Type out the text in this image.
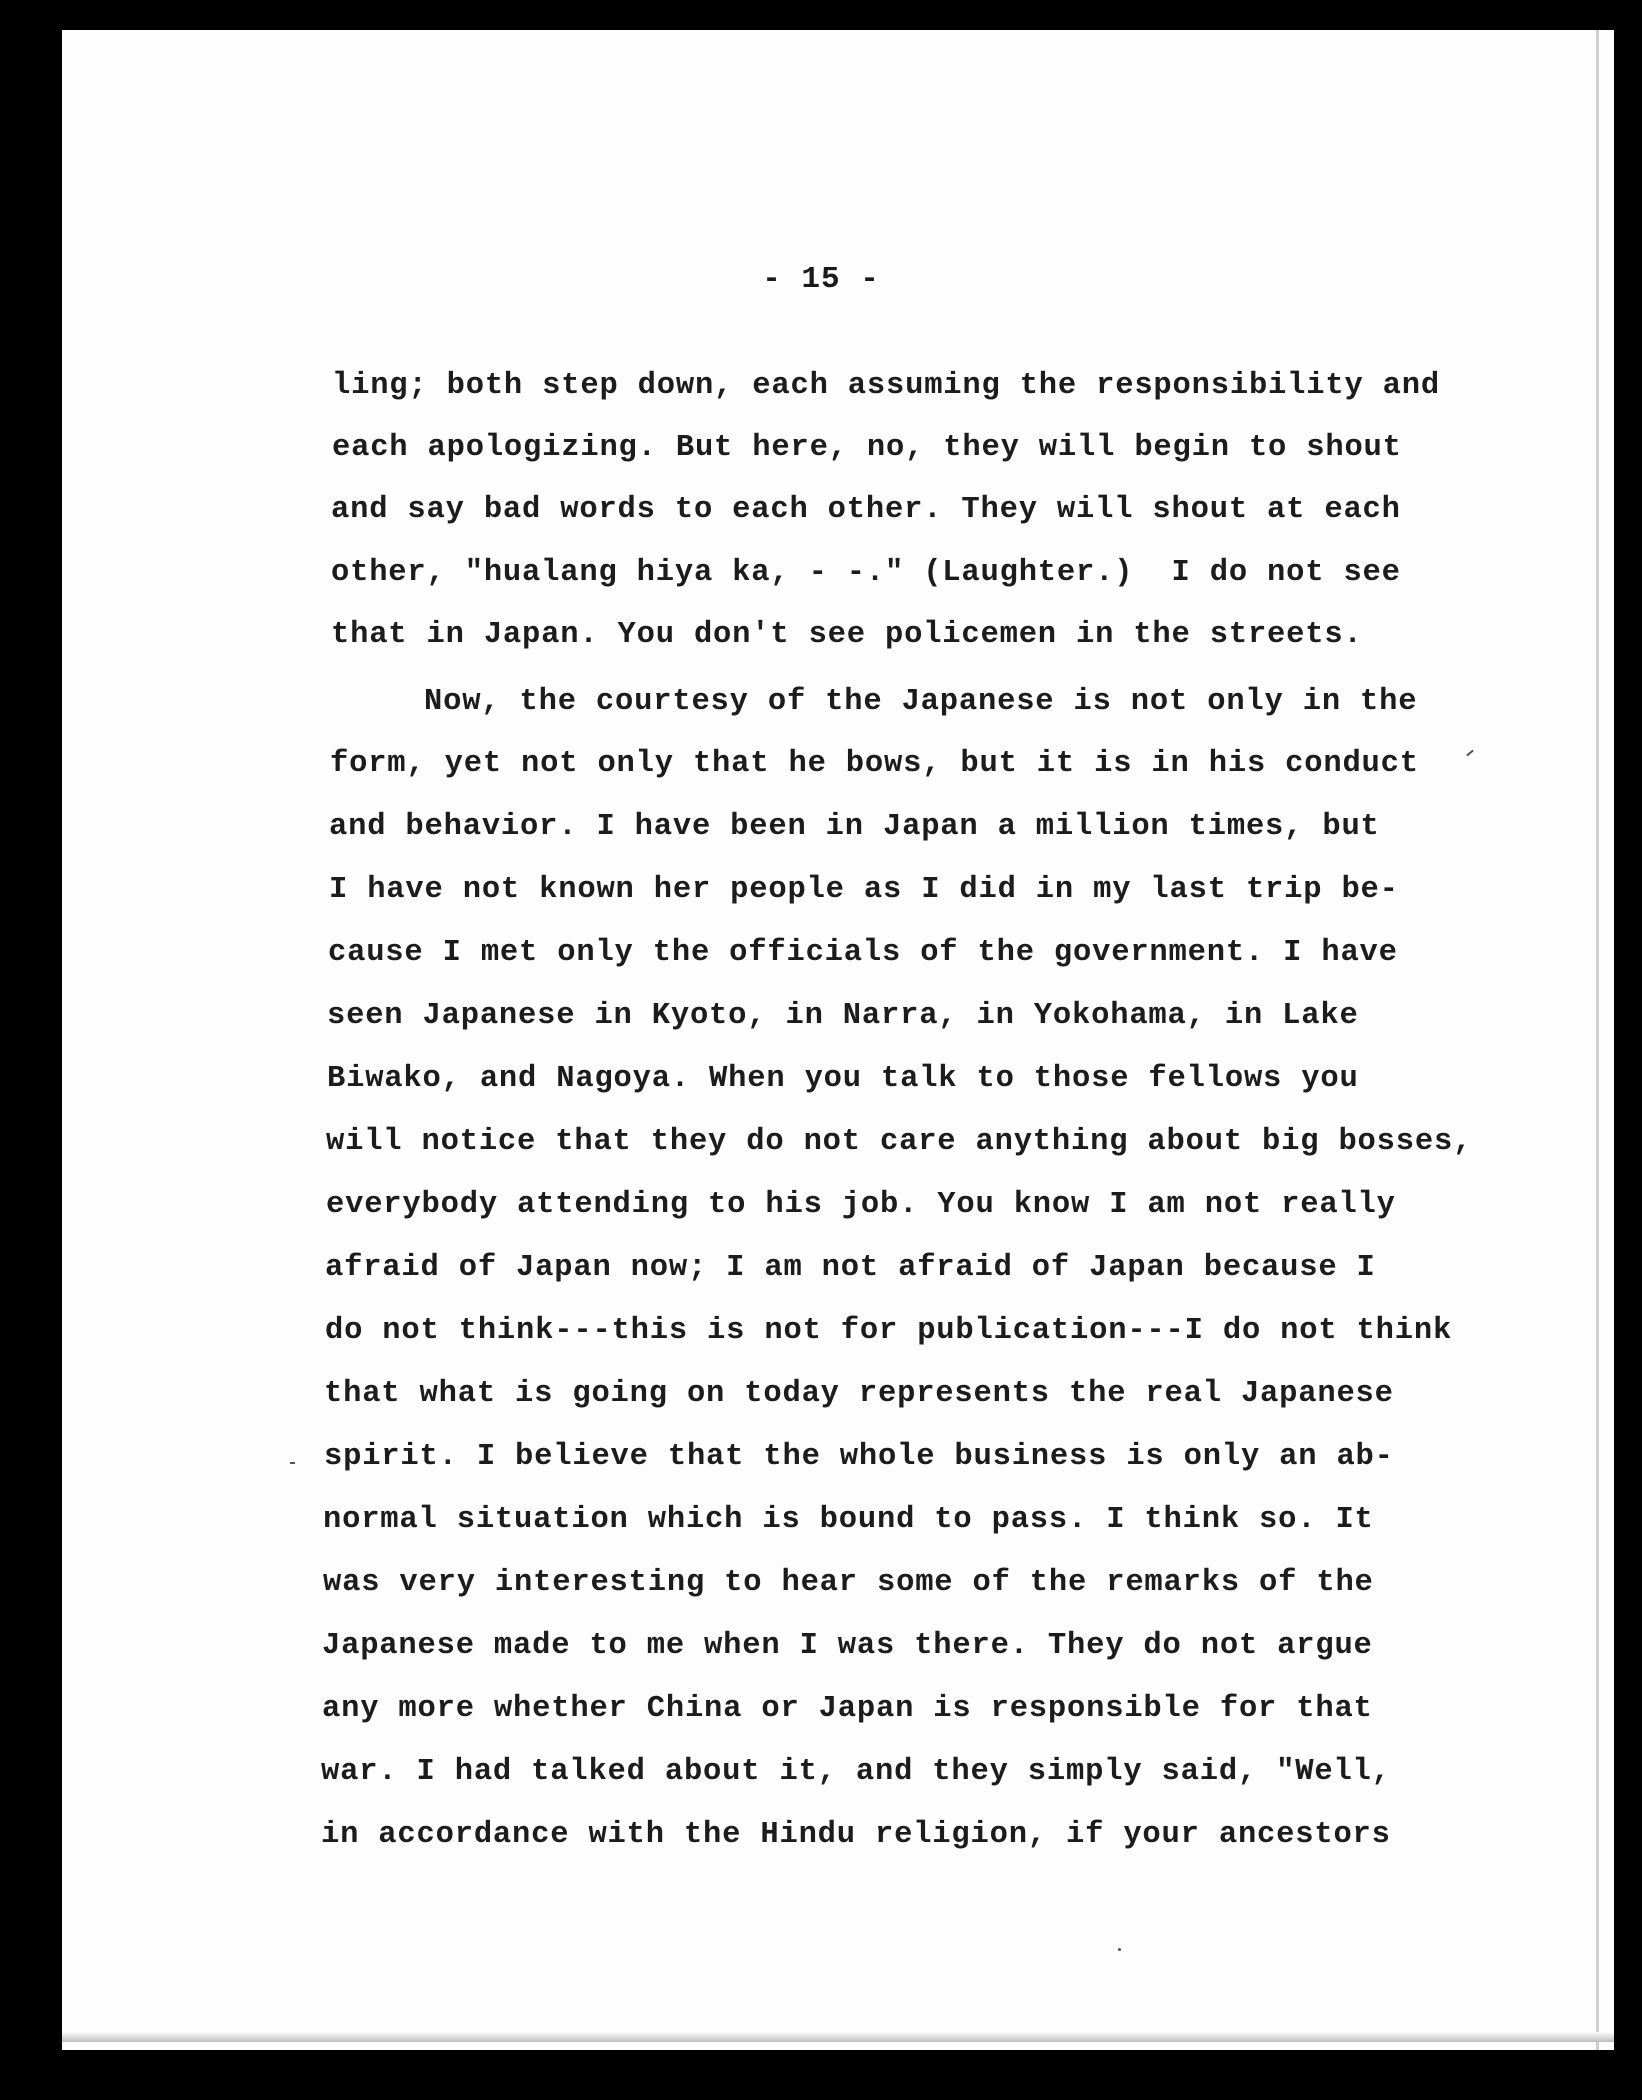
- 15 -
ling; both step down, each assuming the responsibility and
each apologizing. But here, no, they will begin to shout
and say bad words to each other. They will shout at each
other, "hualang hiya ka, - -." (Laughter.)  I do not see
that in Japan. You don't see policemen in the streets.
Now, the courtesy of the Japanese is not only in the
form, yet not only that he bows, but it is in his conduct
and behavior. I have been in Japan a million times, but
I have not known her people as I did in my last trip be-
cause I met only the officials of the government. I have
seen Japanese in Kyoto, in Narra, in Yokohama, in Lake
Biwako, and Nagoya. When you talk to those fellows you
will notice that they do not care anything about big bosses,
everybody attending to his job. You know I am not really
afraid of Japan now; I am not afraid of Japan because I
do not think---this is not for publication---I do not think
that what is going on today represents the real Japanese
spirit. I believe that the whole business is only an ab-
normal situation which is bound to pass. I think so. It
was very interesting to hear some of the remarks of the
Japanese made to me when I was there. They do not argue
any more whether China or Japan is responsible for that
war. I had talked about it, and they simply said, "Well,
in accordance with the Hindu religion, if your ancestors
